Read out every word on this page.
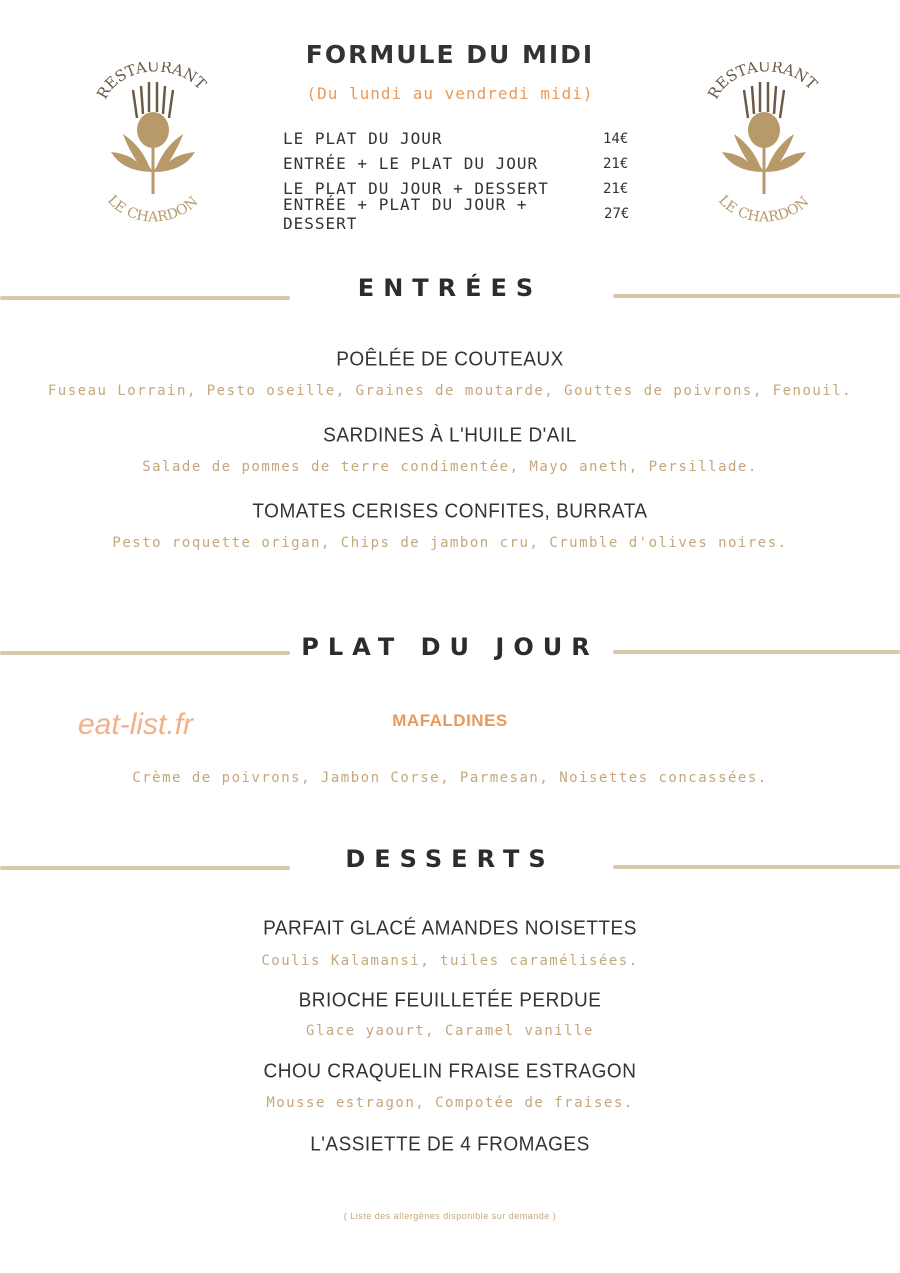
RESTAURANT
LE CHARDON
RESTAURANT
LE CHARDON
FORMULE DU MIDI
(Du lundi au vendredi midi)
LE PLAT DU JOUR	14€
ENTRÉE + LE PLAT DU JOUR	21€
LE PLAT DU JOUR + DESSERT	21€
ENTRÉE + PLAT DU JOUR + DESSERT	27€
ENTRÉES
POÊLÉE DE COUTEAUX
Fuseau Lorrain, Pesto oseille, Graines de moutarde, Gouttes de poivrons, Fenouil.
SARDINES À L'HUILE D'AIL
Salade de pommes de terre condimentée, Mayo aneth, Persillade.
TOMATES CERISES CONFITES, BURRATA
Pesto roquette origan, Chips de jambon cru, Crumble d'olives noires.
PLAT DU JOUR
eat-list.fr	MAFALDINES
Crème de poivrons, Jambon Corse, Parmesan, Noisettes concassées.
DESSERTS
PARFAIT GLACÉ AMANDES NOISETTES
Coulis Kalamansi, tuiles caramélisées.
BRIOCHE FEUILLETÉE PERDUE
Glace yaourt, Caramel vanille
CHOU CRAQUELIN FRAISE ESTRAGON
Mousse estragon, Compotée de fraises.
L'ASSIETTE DE 4 FROMAGES
( Liste des allergènes disponible sur demande )
